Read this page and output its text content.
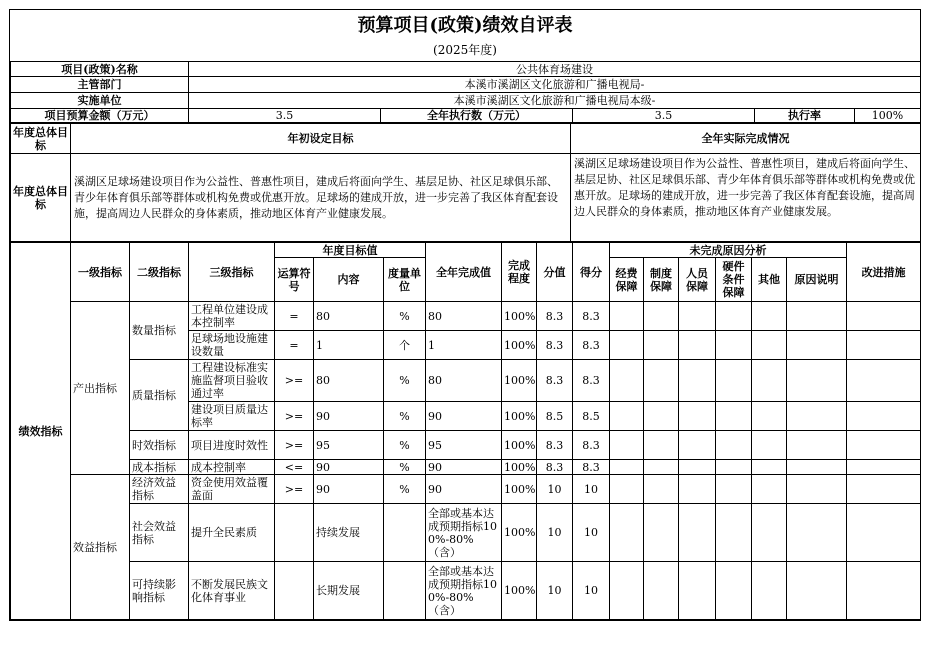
预算项目(政策)绩效自评表
(2025年度)
项目(政策)名称	公共体育场建设				
主管部门	本溪市溪湖区文化旅游和广播电视局-				
实施单位	本溪市溪湖区文化旅游和广播电视局本级-				
项目预算金额（万元）	3.5	全年执行数（万元）	3.5	执行率	100%
年度总体目标	年初设定目标	全年实际完成情况
年度总体目标	溪湖区足球场建设项目作为公益性、普惠性项目，建成后将面向学生、基层足协、社区足球俱乐部、青少年体育俱乐部等群体或机构免费或优惠开放。足球场的建成开放，进一步完善了我区体育配套设施，提高周边人民群众的身体素质，推动地区体育产业健康发展。	溪湖区足球场建设项目作为公益性、普惠性项目，建成后将面向学生、基层足协、社区足球俱乐部、青少年体育俱乐部等群体或机构免费或优惠开放。足球场的建成开放，进一步完善了我区体育配套设施，提高周边人民群众的身体素质，推动地区体育产业健康发展。
绩效指标	一级指标	二级指标	三级指标	年度目标值			全年完成值	完成程度	分值	得分	未完成原因分析						改进措施
				运算符号	内容	度量单位					经费保障	制度保障	人员保障	硬件条件保障	其他	原因说明	
	产出指标	数量指标	工程单位建设成本控制率	=	80	%	80	100%	8.3	8.3							
			足球场地设施建设数量	=	1	个	1	100%	8.3	8.3							
		质量指标	工程建设标准实施监督项目验收通过率	>=	80	%	80	100%	8.3	8.3							
			建设项目质量达标率	>=	90	%	90	100%	8.5	8.5							
		时效指标	项目进度时效性	>=	95	%	95	100%	8.3	8.3							
		成本指标	成本控制率	<=	90	%	90	100%	8.3	8.3							
	效益指标	经济效益指标	资金使用效益覆盖面	>=	90	%	90	100%	10	10							
		社会效益指标	提升全民素质		持续发展		全部或基本达成预期指标100%-80%（含）	100%	10	10							
		可持续影响指标	不断发展民族文化体育事业		长期发展		全部或基本达成预期指标100%-80%（含）	100%	10	10							
